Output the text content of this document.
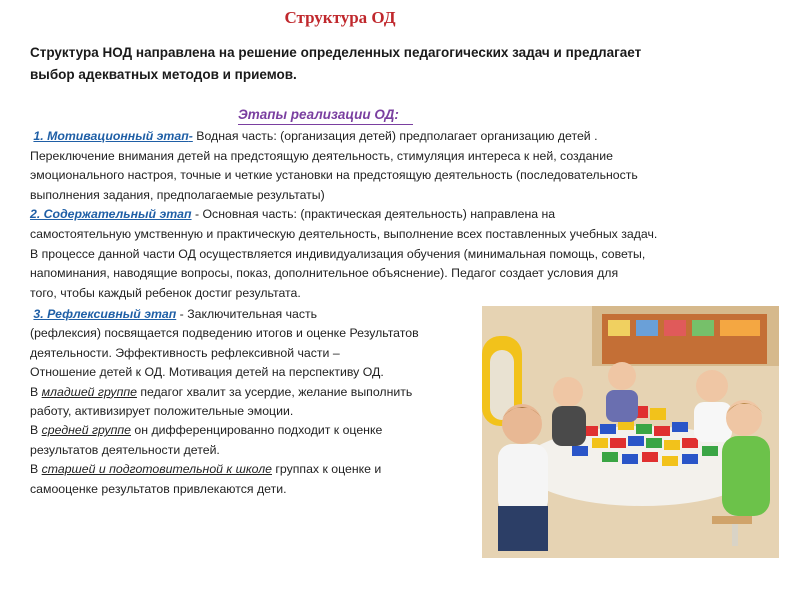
Структура ОД
Структура НОД направлена на решение определенных педагогических задач и предлагает
выбор адекватных методов и приемов.
Этапы реализации ОД:
1. Мотивационный этап- Водная часть: (организация детей) предполагает организацию детей .
Переключение внимания детей на предстоящую деятельность, стимуляция интереса к ней, создание
эмоционального настроя, точные и четкие установки на предстоящую деятельность (последовательность
выполнения задания, предполагаемые результаты)
2. Содержательный этап - Основная часть: (практическая деятельность) направлена на
самостоятельную умственную и практическую деятельность, выполнение всех поставленных учебных задач.
В процессе данной части ОД осуществляется индивидуализация обучения (минимальная помощь, советы,
напоминания, наводящие вопросы, показ, дополнительное объяснение). Педагог создает условия для
того, чтобы каждый ребенок достиг результата.
3. Рефлексивный этап - Заключительная часть
(рефлексия) посвящается подведению итогов и оценке Результатов
деятельности. Эффективность рефлексивной части –
Отношение детей к ОД. Мотивация детей на перспективу ОД.
В младшей группе педагог хвалит за усердие, желание выполнить
работу, активизирует положительные эмоции.
В средней группе он дифференцированно подходит к оценке
результатов деятельности детей.
В старшей и подготовительной к школе группах к оценке и
самооценке результатов привлекаются дети.
